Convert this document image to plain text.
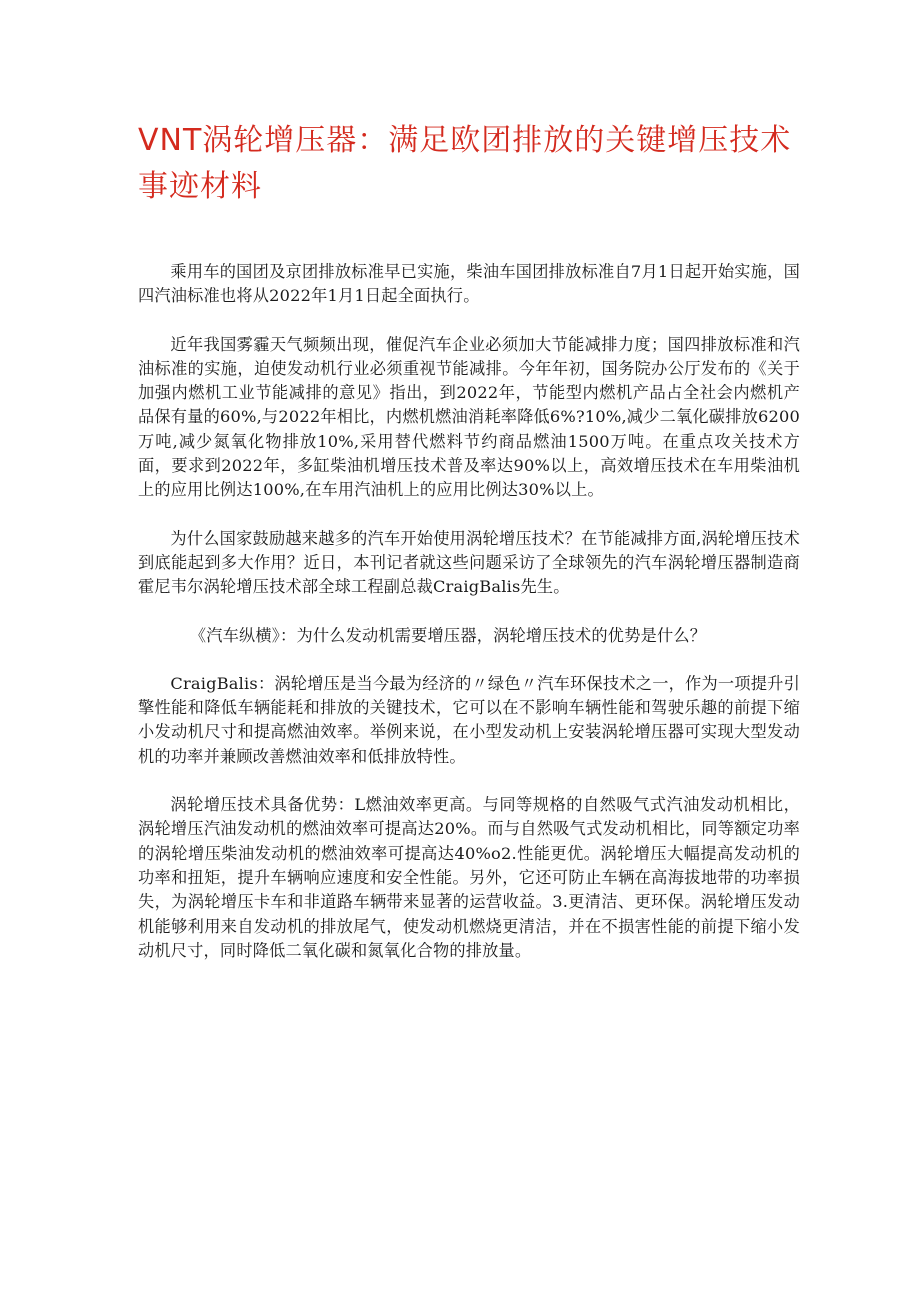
VNT涡轮增压器：满足欧团排放的关键增压技术事迹材料

乘用车的国团及京团排放标准早已实施，柴油车国团排放标准自7月1日起开始实施，国四汽油标准也将从2022年1月1日起全面执行。

近年我国雾霾天气频频出现，催促汽车企业必须加大节能减排力度；国四排放标准和汽油标准的实施，迫使发动机行业必须重视节能减排。今年年初，国务院办公厅发布的《关于加强内燃机工业节能减排的意见》指出，到2022年，节能型内燃机产品占全社会内燃机产品保有量的60%,与2022年相比，内燃机燃油消耗率降低6%?10%,减少二氧化碳排放6200万吨,减少氮氧化物排放10%,采用替代燃料节约商品燃油1500万吨。在重点攻关技术方面，要求到2022年，多缸柴油机增压技术普及率达90%以上，高效增压技术在车用柴油机上的应用比例达100%,在车用汽油机上的应用比例达30%以上。

为什么国家鼓励越来越多的汽车开始使用涡轮增压技术？在节能减排方面,涡轮增压技术到底能起到多大作用？近日，本刊记者就这些问题采访了全球领先的汽车涡轮增压器制造商霍尼韦尔涡轮增压技术部全球工程副总裁CraigBalis先生。

《汽车纵横》：为什么发动机需要增压器，涡轮增压技术的优势是什么？

CraigBalis：涡轮增压是当今最为经济的〃绿色〃汽车环保技术之一，作为一项提升引擎性能和降低车辆能耗和排放的关键技术，它可以在不影响车辆性能和驾驶乐趣的前提下缩小发动机尺寸和提高燃油效率。举例来说，在小型发动机上安装涡轮增压器可实现大型发动机的功率并兼顾改善燃油效率和低排放特性。

涡轮增压技术具备优势：L燃油效率更高。与同等规格的自然吸气式汽油发动机相比，涡轮增压汽油发动机的燃油效率可提高达20%。而与自然吸气式发动机相比，同等额定功率的涡轮增压柴油发动机的燃油效率可提高达40%o2.性能更优。涡轮增压大幅提高发动机的功率和扭矩，提升车辆响应速度和安全性能。另外，它还可防止车辆在高海拔地带的功率损失，为涡轮增压卡车和非道路车辆带来显著的运营收益。3.更清洁、更环保。涡轮增压发动机能够利用来自发动机的排放尾气，使发动机燃烧更清洁，并在不损害性能的前提下缩小发动机尺寸，同时降低二氧化碳和氮氧化合物的排放量。
